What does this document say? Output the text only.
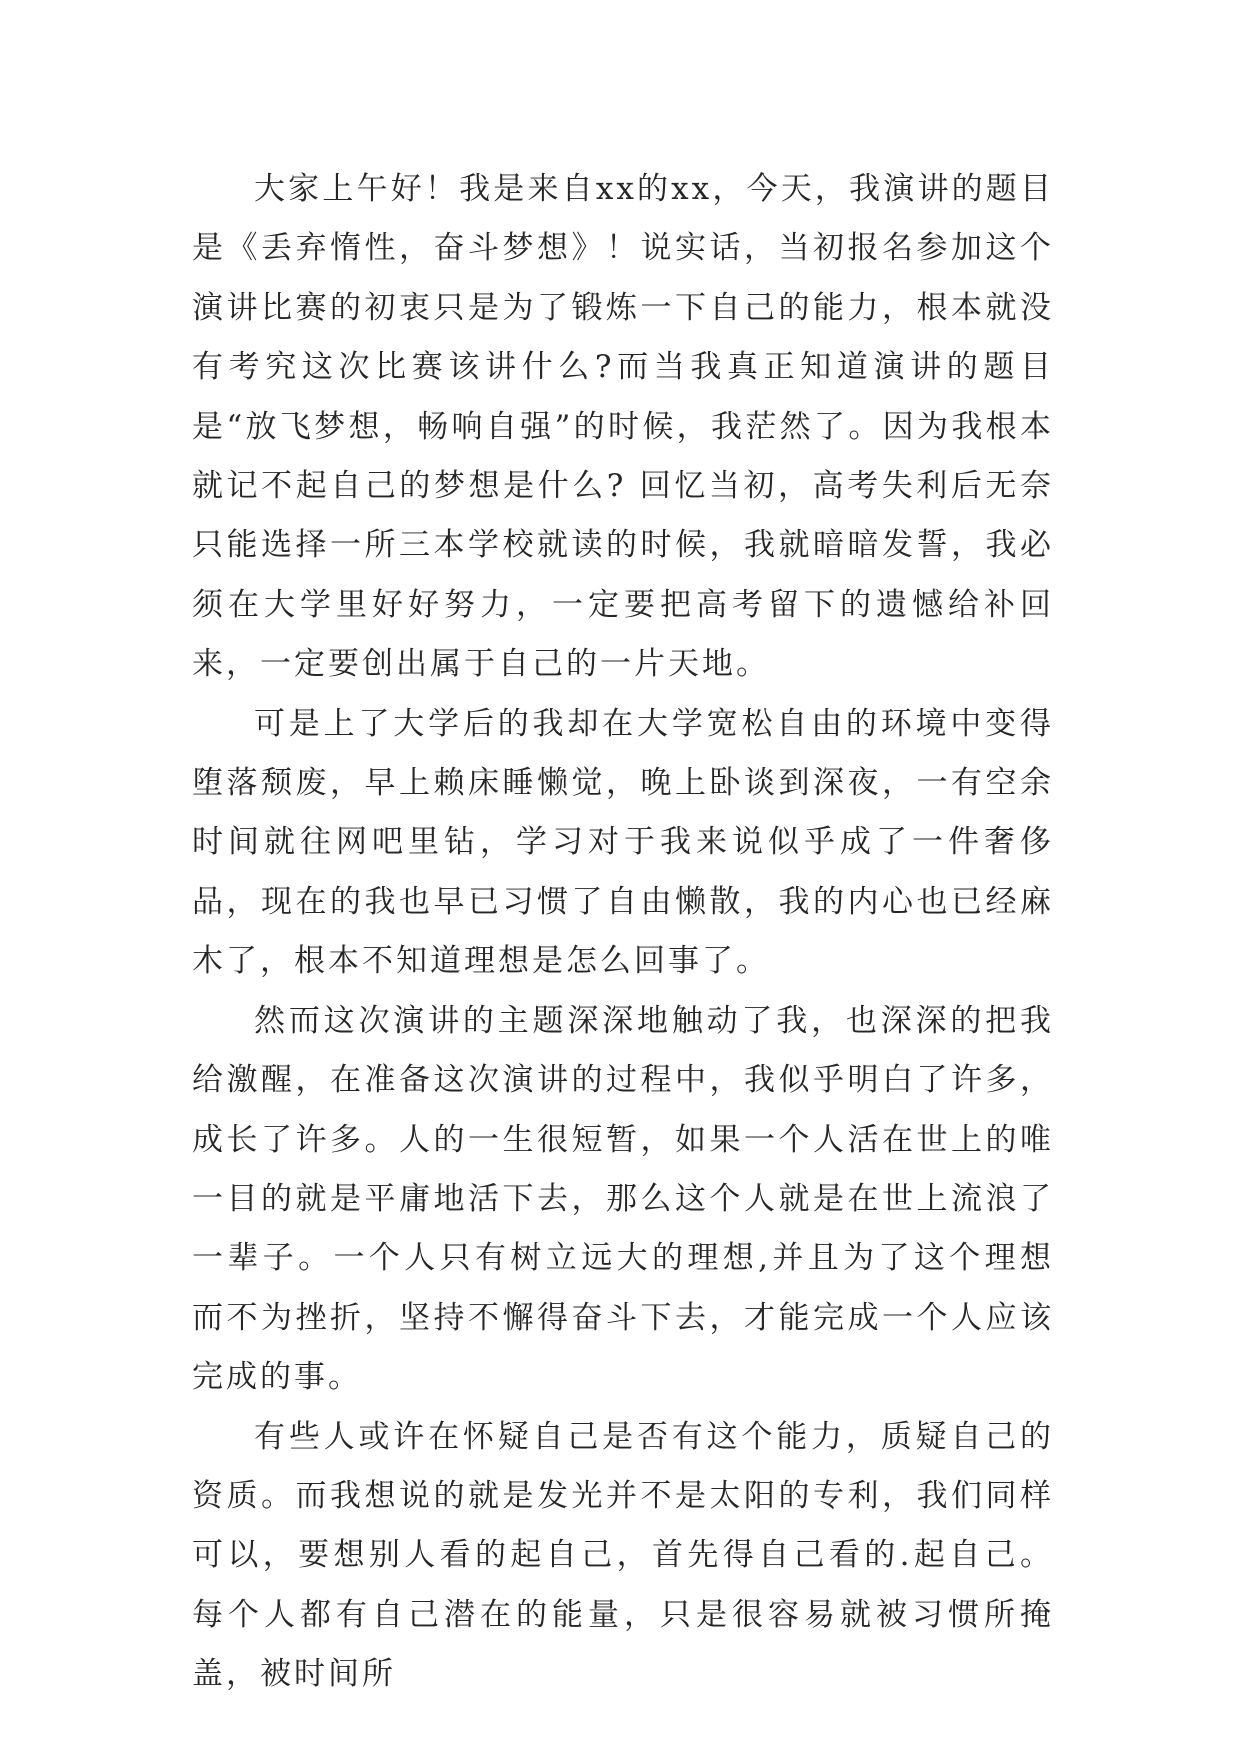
大家上午好！我是来自xx的xx，今天，我演讲的题目是《丢弃惰性，奋斗梦想》！说实话，当初报名参加这个演讲比赛的初衷只是为了锻炼一下自己的能力，根本就没有考究这次比赛该讲什么?而当我真正知道演讲的题目是“放飞梦想，畅响自强”的时候，我茫然了。因为我根本就记不起自己的梦想是什么? 回忆当初，高考失利后无奈只能选择一所三本学校就读的时候，我就暗暗发誓，我必须在大学里好好努力，一定要把高考留下的遗憾给补回来，一定要创出属于自己的一片天地。

可是上了大学后的我却在大学宽松自由的环境中变得堕落颓废，早上赖床睡懒觉，晚上卧谈到深夜，一有空余时间就往网吧里钻，学习对于我来说似乎成了一件奢侈品，现在的我也早已习惯了自由懒散，我的内心也已经麻木了，根本不知道理想是怎么回事了。

然而这次演讲的主题深深地触动了我，也深深的把我给激醒，在准备这次演讲的过程中，我似乎明白了许多，成长了许多。人的一生很短暂，如果一个人活在世上的唯一目的就是平庸地活下去，那么这个人就是在世上流浪了一辈子。一个人只有树立远大的理想,并且为了这个理想而不为挫折，坚持不懈得奋斗下去，才能完成一个人应该完成的事。

有些人或许在怀疑自己是否有这个能力，质疑自己的资质。而我想说的就是发光并不是太阳的专利，我们同样可以，要想别人看的起自己，首先得自己看的.起自己。每个人都有自己潜在的能量，只是很容易就被习惯所掩盖，被时间所
